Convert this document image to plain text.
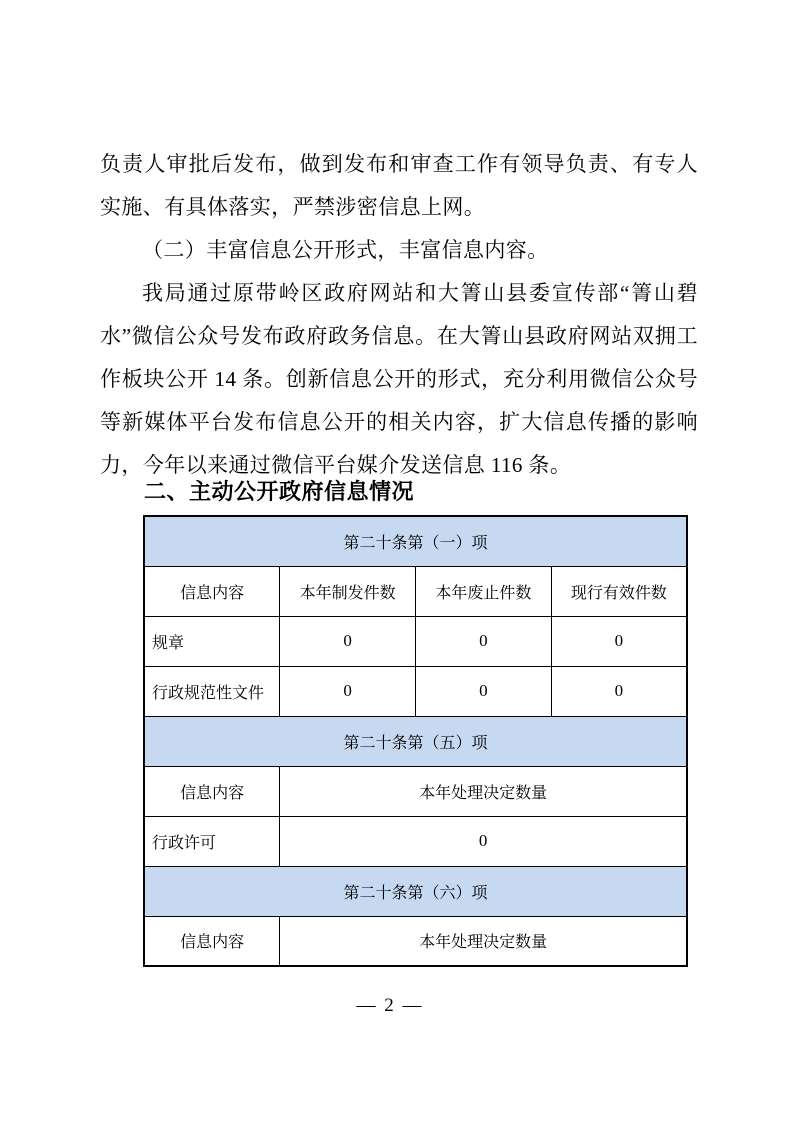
负责人审批后发布，做到发布和审查工作有领导负责、有专人实施、有具体落实，严禁涉密信息上网。

（二）丰富信息公开形式，丰富信息内容。

我局通过原带岭区政府网站和大箐山县委宣传部“箐山碧水”微信公众号发布政府政务信息。在大箐山县政府网站双拥工作板块公开 14 条。创新信息公开的形式，充分利用微信公众号等新媒体平台发布信息公开的相关内容，扩大信息传播的影响力，今年以来通过微信平台媒介发送信息 116 条。

二、主动公开政府信息情况
第二十条第（一）项			
信息内容	本年制发件数	本年废止件数	现行有效件数
规章	0	0	0
行政规范性文件	0	0	0
第二十条第（五）项			
信息内容	本年处理决定数量		
行政许可	0		
第二十条第（六）项			
信息内容	本年处理决定数量		
— 2 —
